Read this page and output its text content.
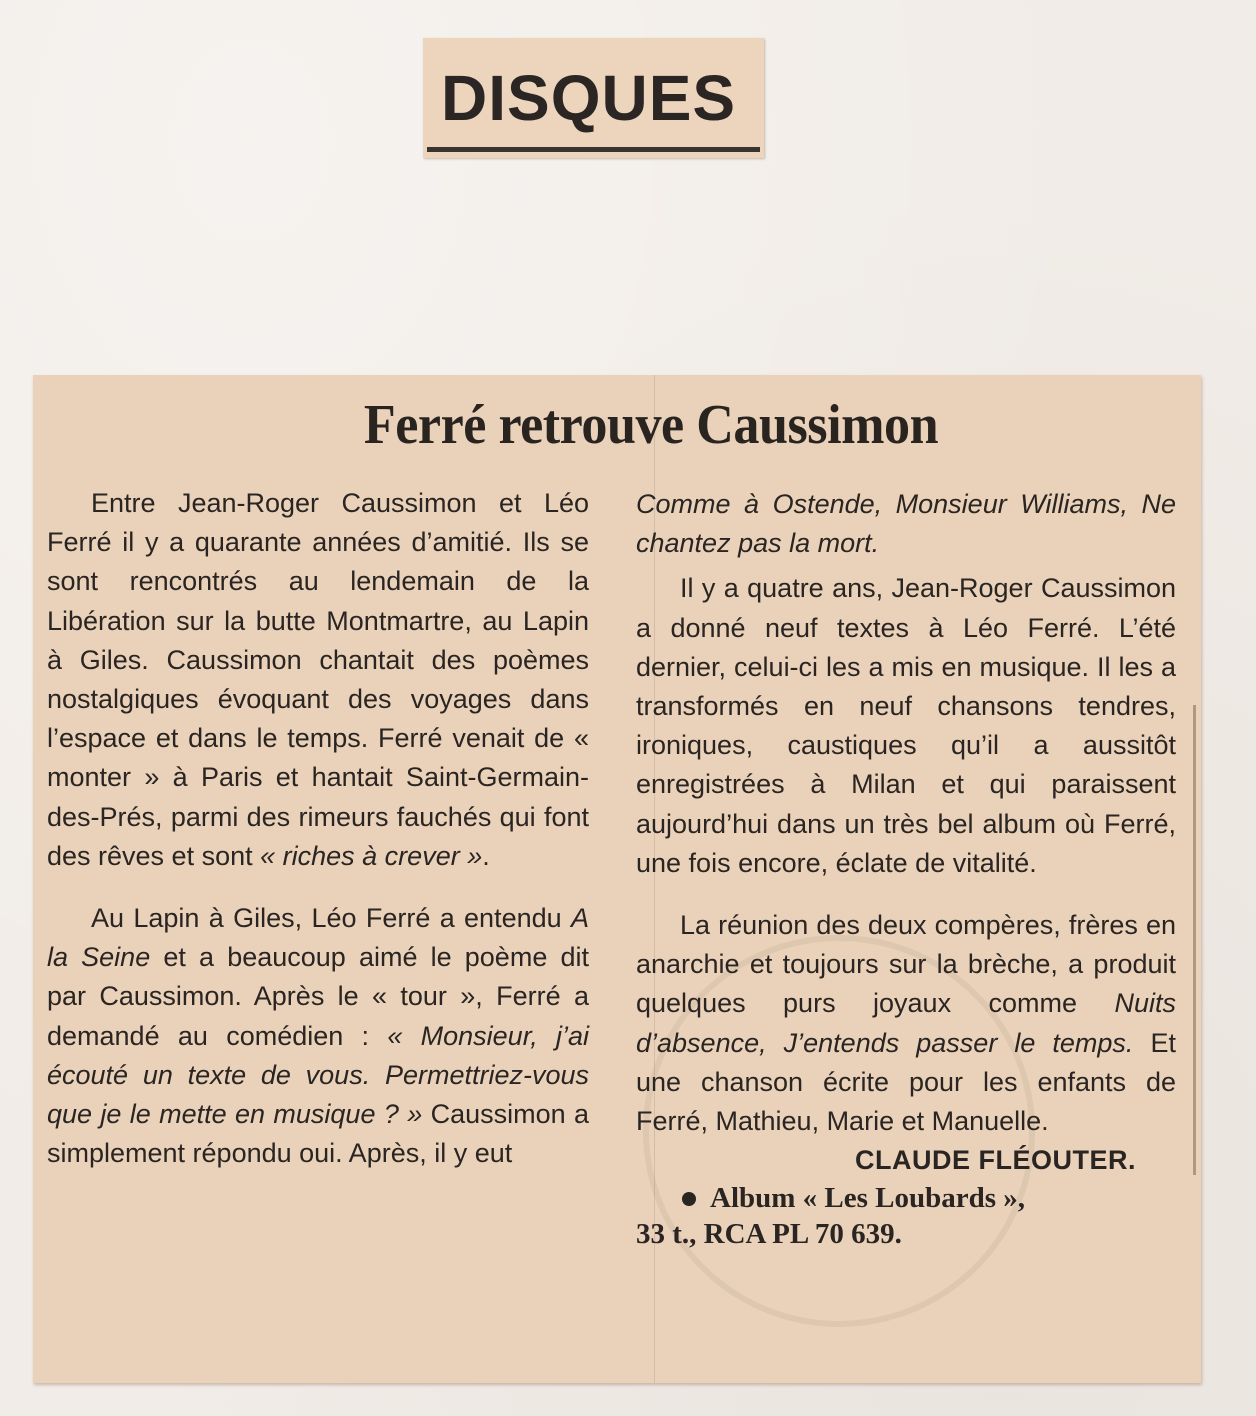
DISQUES
Ferré retrouve Caussimon

Entre Jean-Roger Caussimon et Léo Ferré il y a quarante années d’amitié. Ils se sont rencontrés au lendemain de la Libération sur la butte Montmartre, au Lapin à Giles. Caussimon chantait des poèmes nostalgiques évoquant des voyages dans l’espace et dans le temps. Ferré venait de « monter » à Paris et hantait Saint-Germain-des-Prés, parmi des rimeurs fauchés qui font des rêves et sont « riches à crever ».

Au Lapin à Giles, Léo Ferré a entendu A la Seine et a beaucoup aimé le poème dit par Caussimon. Après le « tour », Ferré a demandé au comédien : « Monsieur, j’ai écouté un texte de vous. Permettriez-vous que je le mette en musique ? » Caussimon a simplement répondu oui. Après, il y eut

Comme à Ostende, Monsieur Williams, Ne chantez pas la mort.

Il y a quatre ans, Jean-Roger Caussimon a donné neuf textes à Léo Ferré. L’été dernier, celui-ci les a mis en musique. Il les a transformés en neuf chansons tendres, ironiques, caustiques qu’il a aussitôt enregistrées à Milan et qui paraissent aujourd’hui dans un très bel album où Ferré, une fois encore, éclate de vitalité.

La réunion des deux compères, frères en anarchie et toujours sur la brèche, a produit quelques purs joyaux comme Nuits d’absence, J’entends passer le temps. Et une chanson écrite pour les enfants de Ferré, Mathieu, Marie et Manuelle.

CLAUDE FLÉOUTER.

Album « Les Loubards »,
33 t., RCA PL 70 639.
